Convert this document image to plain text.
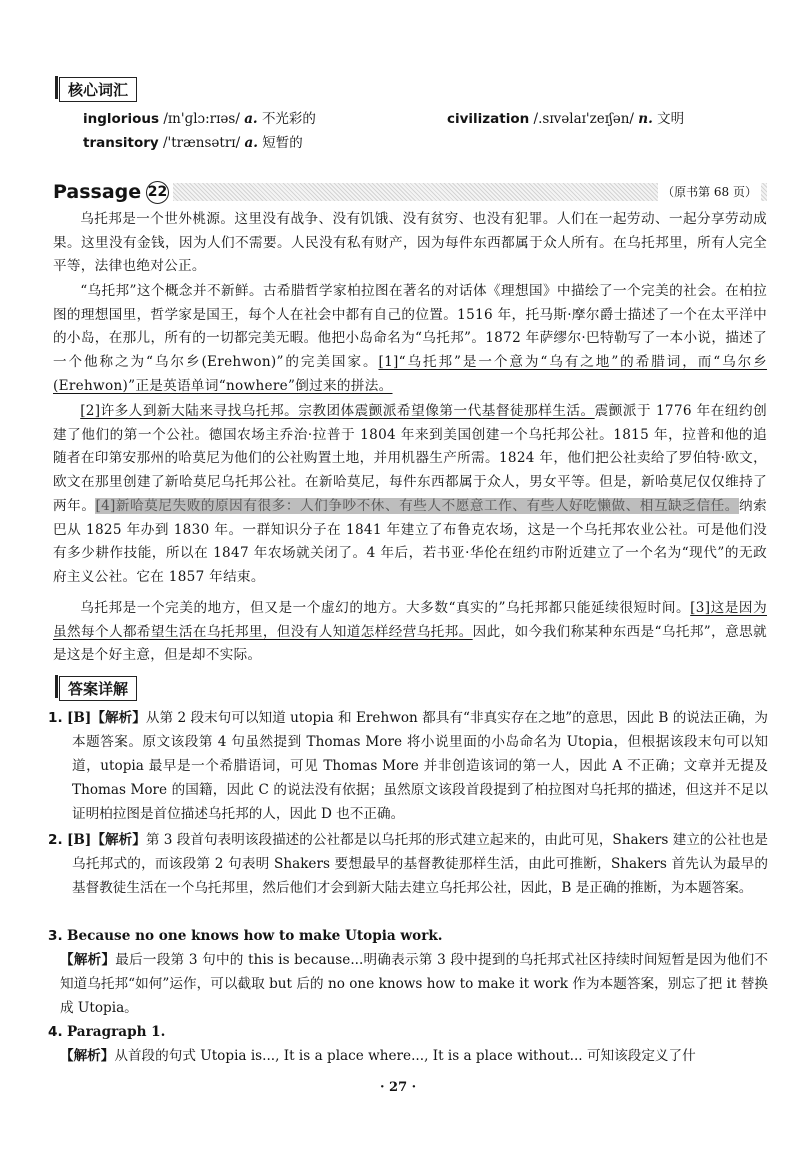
核心词汇
inglorious /ɪn'ɡlɔ:rɪəs/ a. 不光彩的	civilization /.sɪvəlaɪ'zeɪʃən/ n. 文明
transitory /'trænsətrɪ/ a. 短暂的
Passage 22	（原书第 68 页）
乌托邦是一个世外桃源。这里没有战争、没有饥饿、没有贫穷、也没有犯罪。人们在一起劳动、一起分享劳动成果。这里没有金钱，因为人们不需要。人民没有私有财产，因为每件东西都属于众人所有。在乌托邦里，所有人完全平等，法律也绝对公正。
“乌托邦”这个概念并不新鲜。古希腊哲学家柏拉图在著名的对话体《理想国》中描绘了一个完美的社会。在柏拉图的理想国里，哲学家是国王，每个人在社会中都有自己的位置。1516 年，托马斯·摩尔爵士描述了一个在太平洋中的小岛，在那儿，所有的一切都完美无暇。他把小岛命名为“乌托邦”。1872 年萨缪尔·巴特勒写了一本小说，描述了一个他称之为“乌尔乡(Erehwon)”的完美国家。[1]“乌托邦”是一个意为“乌有之地”的希腊词，而“乌尔乡(Erehwon)”正是英语单词“nowhere”倒过来的拼法。
[2]许多人到新大陆来寻找乌托邦。宗教团体震颤派希望像第一代基督徒那样生活。震颤派于 1776 年在纽约创建了他们的第一个公社。德国农场主乔治·拉普于 1804 年来到美国创建一个乌托邦公社。1815 年，拉普和他的追随者在印第安那州的哈莫尼为他们的公社购置土地，并用机器生产所需。1824 年，他们把公社卖给了罗伯特·欧文，欧文在那里创建了新哈莫尼乌托邦公社。在新哈莫尼，每件东西都属于众人，男女平等。但是，新哈莫尼仅仅维持了两年。[4]新哈莫尼失败的原因有很多：人们争吵不休、有些人不愿意工作、有些人好吃懒做、相互缺乏信任。纳索巴从 1825 年办到 1830 年。一群知识分子在 1841 年建立了布鲁克农场，这是一个乌托邦农业公社。可是他们没有多少耕作技能，所以在 1847 年农场就关闭了。4 年后，若书亚·华伦在纽约市附近建立了一个名为“现代”的无政府主义公社。它在 1857 年结束。
乌托邦是一个完美的地方，但又是一个虚幻的地方。大多数“真实的”乌托邦都只能延续很短时间。[3]这是因为虽然每个人都希望生活在乌托邦里，但没有人知道怎样经营乌托邦。因此，如今我们称某种东西是“乌托邦”，意思就是这是个好主意，但是却不实际。
答案详解
1. [B]【解析】从第 2 段末句可以知道 utopia 和 Erehwon 都具有“非真实存在之地”的意思，因此 B 的说法正确，为本题答案。原文该段第 4 句虽然提到 Thomas More 将小说里面的小岛命名为 Utopia，但根据该段末句可以知道，utopia 最早是一个希腊语词，可见 Thomas More 并非创造该词的第一人，因此 A 不正确；文章并无提及 Thomas More 的国籍，因此 C 的说法没有依据；虽然原文该段首段提到了柏拉图对乌托邦的描述，但这并不足以证明柏拉图是首位描述乌托邦的人，因此 D 也不正确。
2. [B]【解析】第 3 段首句表明该段描述的公社都是以乌托邦的形式建立起来的，由此可见，Shakers 建立的公社也是乌托邦式的，而该段第 2 句表明 Shakers 要想最早的基督教徒那样生活，由此可推断，Shakers 首先认为最早的基督教徒生活在一个乌托邦里，然后他们才会到新大陆去建立乌托邦公社，因此，B 是正确的推断，为本题答案。
3. Because no one knows how to make Utopia work.
【解析】最后一段第 3 句中的 this is because...明确表示第 3 段中提到的乌托邦式社区持续时间短暂是因为他们不知道乌托邦“如何”运作，可以截取 but 后的 no one knows how to make it work 作为本题答案，别忘了把 it 替换成 Utopia。
4. Paragraph 1.
【解析】从首段的句式 Utopia is..., It is a place where..., It is a place without... 可知该段定义了什
· 27 ·
